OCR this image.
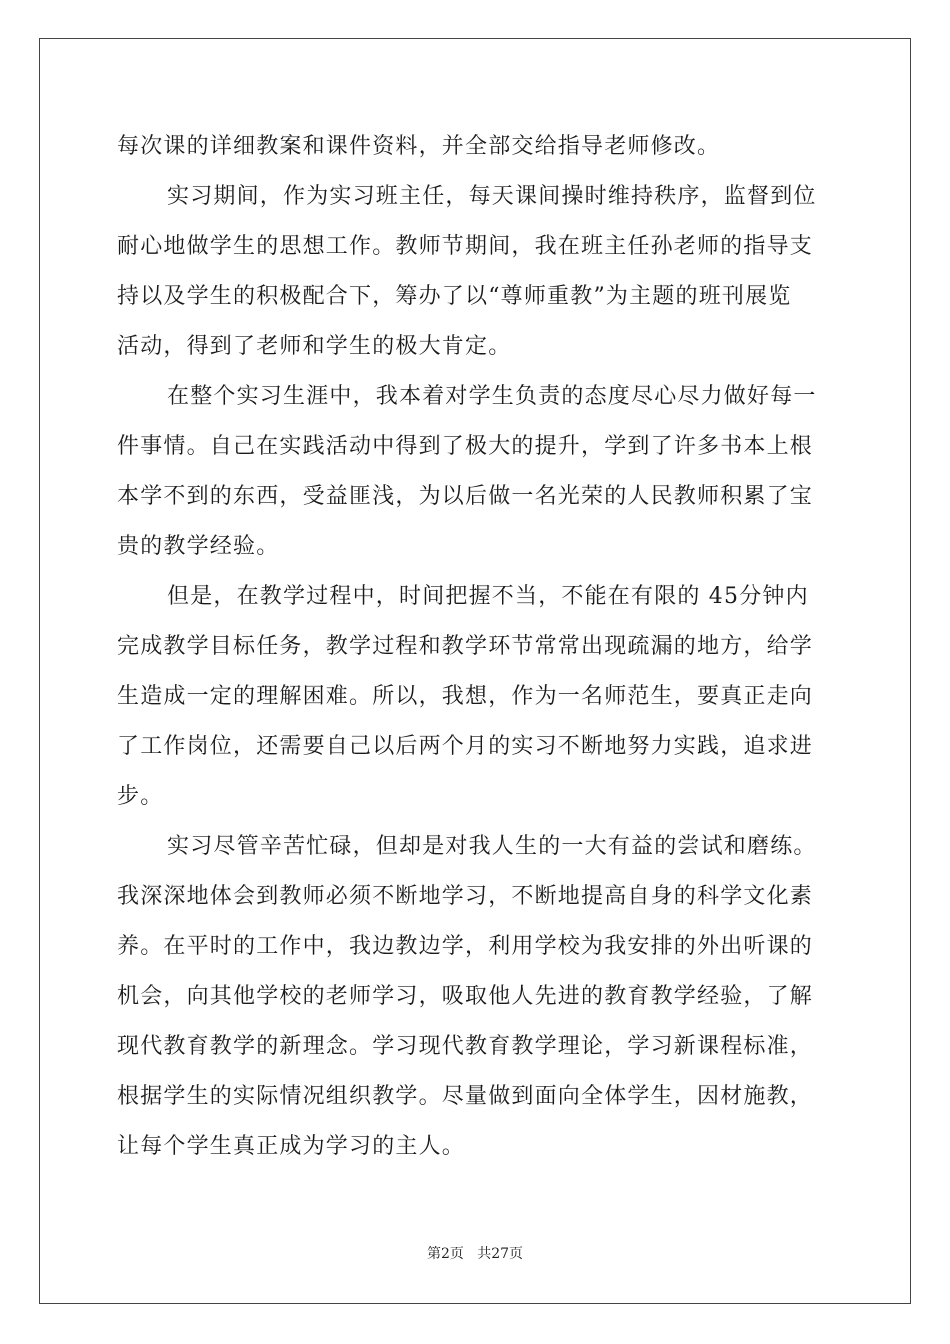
每次课的详细教案和课件资料，并全部交给指导老师修改。
实习期间，作为实习班主任，每天课间操时维持秩序，监督到位
耐心地做学生的思想工作。教师节期间，我在班主任孙老师的指导支
持以及学生的积极配合下，筹办了以“尊师重教”为主题的班刊展览
活动，得到了老师和学生的极大肯定。
在整个实习生涯中，我本着对学生负责的态度尽心尽力做好每一
件事情。自己在实践活动中得到了极大的提升，学到了许多书本上根
本学不到的东西，受益匪浅，为以后做一名光荣的人民教师积累了宝
贵的教学经验。
但是，在教学过程中，时间把握不当，不能在有限的 45分钟内
完成教学目标任务，教学过程和教学环节常常出现疏漏的地方，给学
生造成一定的理解困难。所以，我想，作为一名师范生，要真正走向
了工作岗位，还需要自己以后两个月的实习不断地努力实践，追求进
步。
实习尽管辛苦忙碌，但却是对我人生的一大有益的尝试和磨练。
我深深地体会到教师必须不断地学习，不断地提高自身的科学文化素
养。在平时的工作中，我边教边学，利用学校为我安排的外出听课的
机会，向其他学校的老师学习，吸取他人先进的教育教学经验，了解
现代教育教学的新理念。学习现代教育教学理论，学习新课程标准，
根据学生的实际情况组织教学。尽量做到面向全体学生，因材施教，
让每个学生真正成为学习的主人。
第2页   共27页
